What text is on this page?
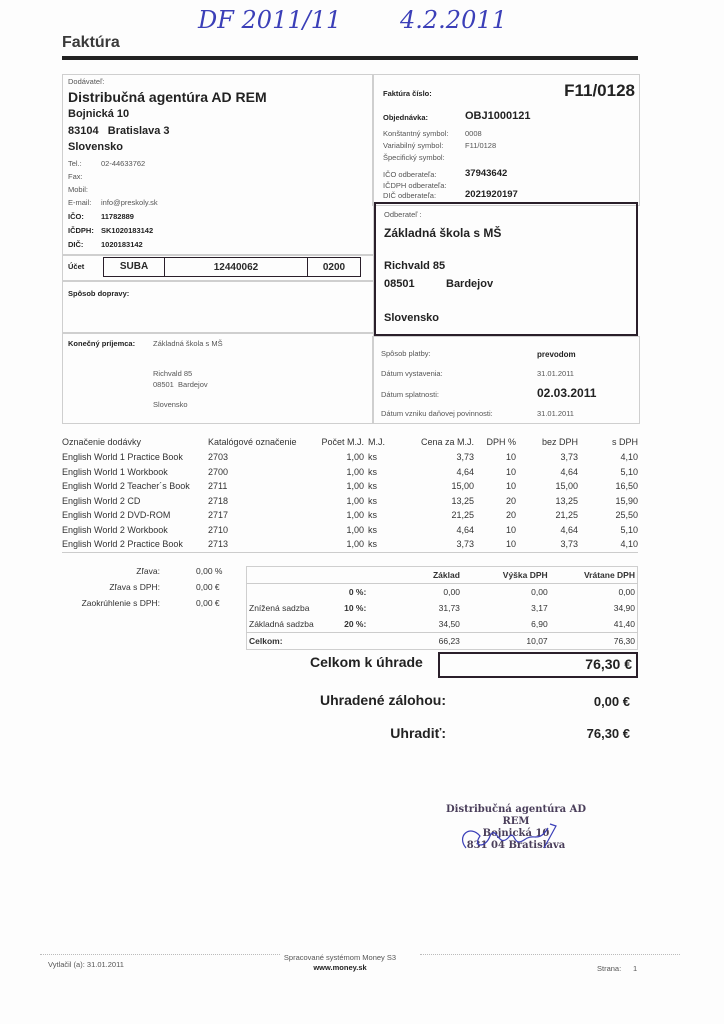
DF 2011/11 4.2.2011
Faktúra
Dodávateľ:
Distribučná agentúra AD REM
Bojnická 10
83104 Bratislava 3
Slovensko
Tel.:	02-44633762
Fax:
Mobil:
E-mail: info@preskoly.sk
IČO: 11782889
IČDPH: SK1020183142
DIČ: 1020183142
Účet	SUBA	12440062	0200
Spôsob dopravy:
Faktúra číslo:	F11/0128
Objednávka:	OBJ1000121
Konštantný symbol: 0008
Variabilný symbol:	F11/0128
Špecifický symbol:
IČO odberateľa:	37943642
IČDPH odberateľa:
DIČ odberateľa:	2021920197
Odberateľ :
Základná škola s MŠ
Richvald 85
08501	Bardejov
Slovensko
Konečný príjemca: Základná škola s MŠ
Richvald 85
08501  Bardejov
Slovensko
Spôsob platby:	prevodom
Dátum vystavenia:	31.01.2011
Dátum splatnosti:	02.03.2011
Dátum vzniku daňovej povinnosti:	31.01.2011
Označenie dodávky	Katalógové označenie	Počet M.J.	M.J.	Cena za M.J.	DPH %	bez DPH	s DPH
English World 1 Practice Book	2703	1,00	ks	3,73	10	3,73	4,10
English World 1 Workbook	2700	1,00	ks	4,64	10	4,64	5,10
English World 2 Teacher´s Book	2711	1,00	ks	15,00	10	15,00	16,50
English World 2 CD	2718	1,00	ks	13,25	20	13,25	15,90
English World 2 DVD-ROM	2717	1,00	ks	21,25	20	21,25	25,50
English World 2 Workbook	2710	1,00	ks	4,64	10	4,64	5,10
English World 2 Practice Book	2713	1,00	ks	3,73	10	3,73	4,10
Zľava:	0,00 %
Zľava s DPH:	0,00 €
Zaokrúhlenie s DPH:	0,00 €
		Základ	Výška DPH	Vrátane DPH
	0 %:	0,00	0,00	0,00
Znížená sadzba	10 %:	31,73	3,17	34,90
Základná sadzba	20 %:	34,50	6,90	41,40
Celkom:		66,23	10,07	76,30
Celkom k úhrade	76,30 €
Uhradené zálohou:	0,00 €
Uhradiť:	76,30 €
Distribučná agentúra AD REM
Bojnická 10
831 04 Bratislava
Vytlačil (a): 31.01.2011
Spracované systémom Money S3
www.money.sk	Strana: 1
